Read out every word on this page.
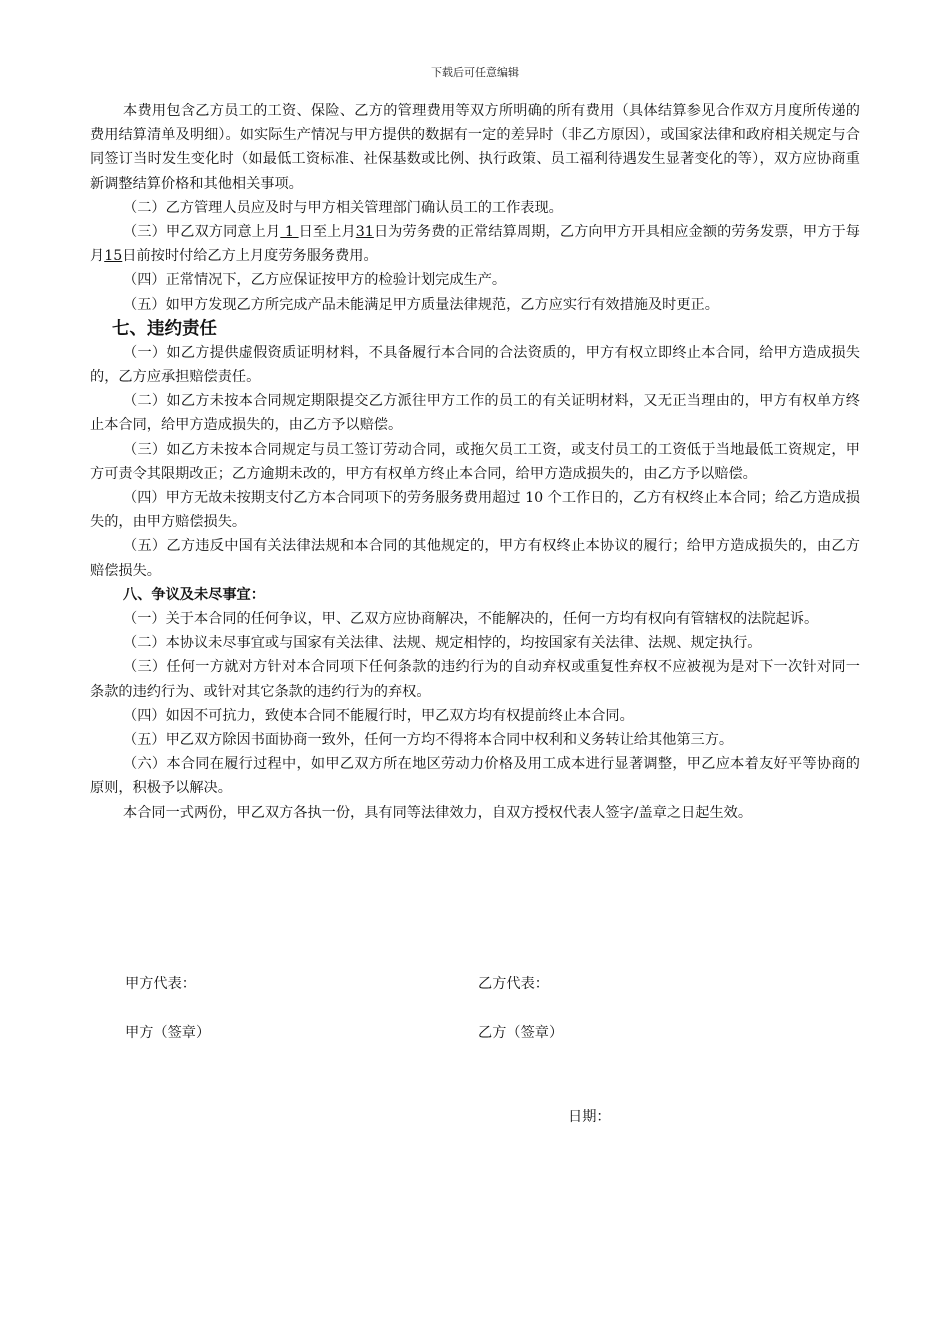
下载后可任意编辑

本费用包含乙方员工的工资、保险、乙方的管理费用等双方所明确的所有费用（具体结算参见合作双方月度所传递的费用结算清单及明细）。如实际生产情况与甲方提供的数据有一定的差异时（非乙方原因），或国家法律和政府相关规定与合同签订当时发生变化时（如最低工资标准、社保基数或比例、执行政策、员工福利待遇发生显著变化的等），双方应协商重新调整结算价格和其他相关事项。

（二）乙方管理人员应及时与甲方相关管理部门确认员工的工作表现。

（三）甲乙双方同意上月 1 日至上月31日为劳务费的正常结算周期，乙方向甲方开具相应金额的劳务发票，甲方于每月15日前按时付给乙方上月度劳务服务费用。

（四）正常情况下，乙方应保证按甲方的检验计划完成生产。

（五）如甲方发现乙方所完成产品未能满足甲方质量法律规范，乙方应实行有效措施及时更正。

七、违约责任

（一）如乙方提供虚假资质证明材料，不具备履行本合同的合法资质的，甲方有权立即终止本合同，给甲方造成损失的，乙方应承担赔偿责任。

（二）如乙方未按本合同规定期限提交乙方派往甲方工作的员工的有关证明材料，又无正当理由的，甲方有权单方终止本合同，给甲方造成损失的，由乙方予以赔偿。

（三）如乙方未按本合同规定与员工签订劳动合同，或拖欠员工工资，或支付员工的工资低于当地最低工资规定，甲方可责令其限期改正；乙方逾期未改的，甲方有权单方终止本合同，给甲方造成损失的，由乙方予以赔偿。

（四）甲方无故未按期支付乙方本合同项下的劳务服务费用超过 10 个工作日的，乙方有权终止本合同；给乙方造成损失的，由甲方赔偿损失。

（五）乙方违反中国有关法律法规和本合同的其他规定的，甲方有权终止本协议的履行；给甲方造成损失的，由乙方赔偿损失。

八、争议及未尽事宜：

（一）关于本合同的任何争议，甲、乙双方应协商解决，不能解决的，任何一方均有权向有管辖权的法院起诉。

（二）本协议未尽事宜或与国家有关法律、法规、规定相悖的，均按国家有关法律、法规、规定执行。

（三）任何一方就对方针对本合同项下任何条款的违约行为的自动弃权或重复性弃权不应被视为是对下一次针对同一条款的违约行为、或针对其它条款的违约行为的弃权。

（四）如因不可抗力，致使本合同不能履行时，甲乙双方均有权提前终止本合同。

（五）甲乙双方除因书面协商一致外，任何一方均不得将本合同中权利和义务转让给其他第三方。

（六）本合同在履行过程中，如甲乙双方所在地区劳动力价格及用工成本进行显著调整，甲乙应本着友好平等协商的原则，积极予以解决。

本合同一式两份，甲乙双方各执一份，具有同等法律效力，自双方授权代表人签字/盖章之日起生效。

甲方代表：	乙方代表：
甲方（签章）	乙方（签章）
日期：
